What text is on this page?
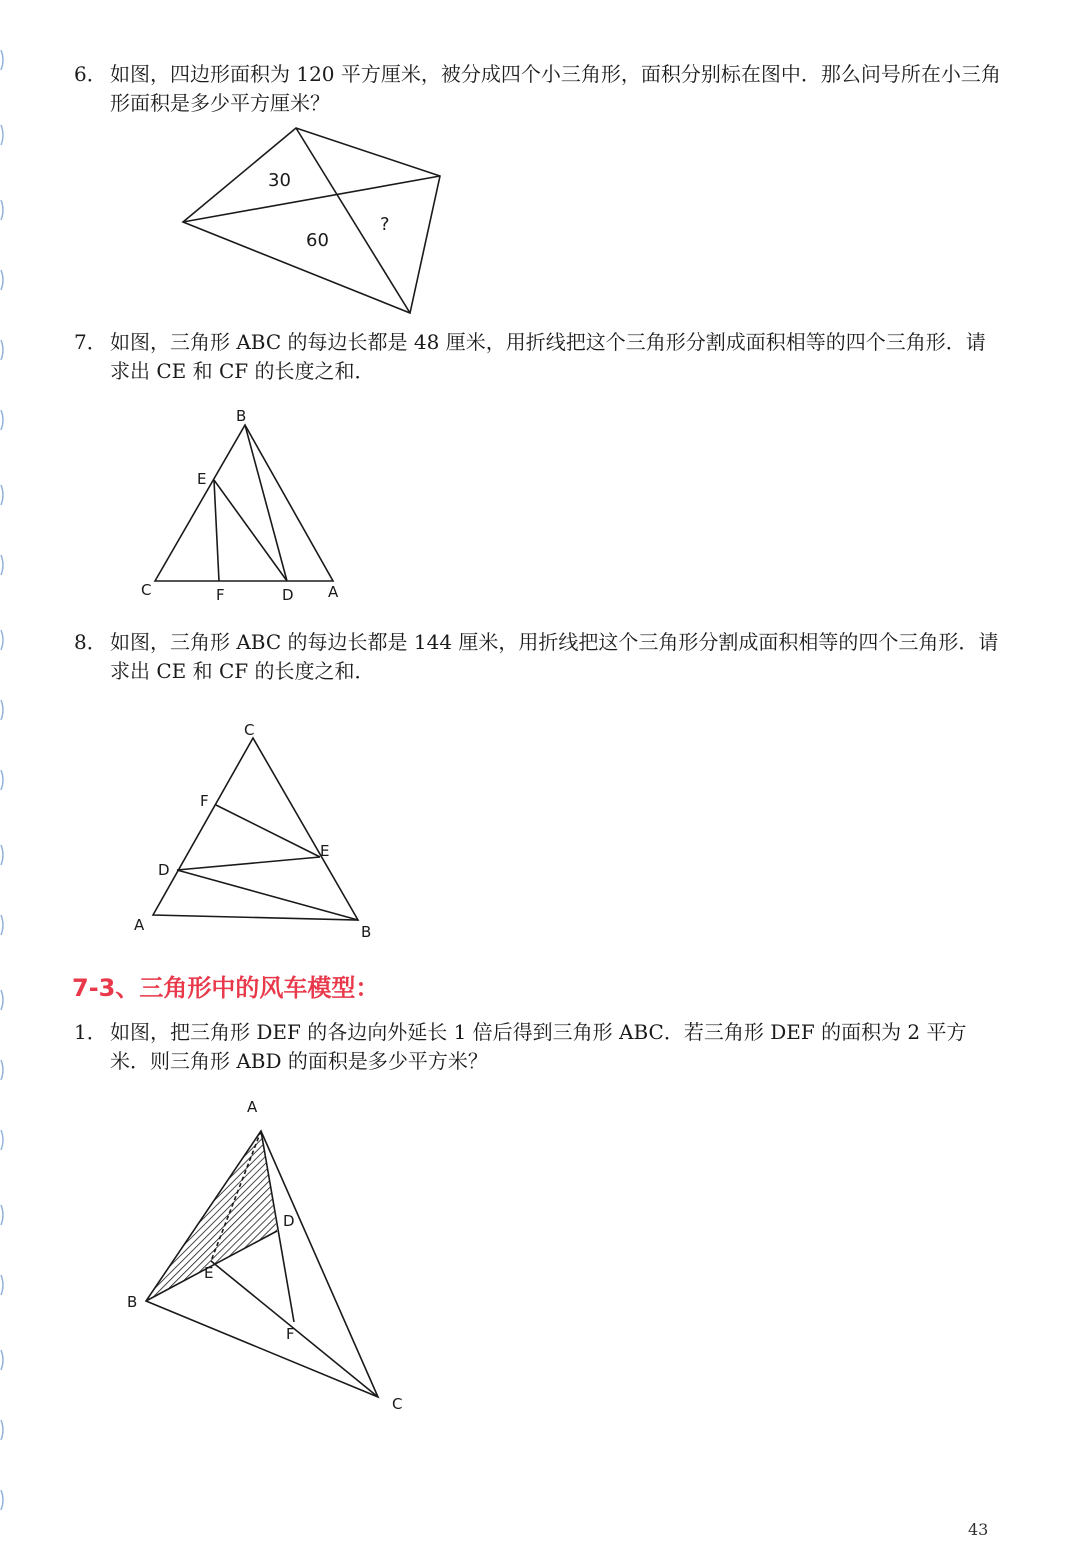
6． 如图，四边形面积为 120 平方厘米，被分成四个小三角形，面积分别标在图中．那么问号所在小三角形面积是多少平方厘米？
30
60
?
7． 如图，三角形 ABC 的每边长都是 48 厘米，用折线把这个三角形分割成面积相等的四个三角形．请求出 CE 和 CF 的长度之和．
B
E
C	F	D A
8． 如图，三角形 ABC 的每边长都是 144 厘米，用折线把这个三角形分割成面积相等的四个三角形．请求出 CE 和 CF 的长度之和．
C
F
E
D
A	B
7-3、三角形中的风车模型：
1． 如图，把三角形 DEF 的各边向外延长 1 倍后得到三角形 ABC．若三角形 DEF 的面积为 2 平方米．则三角形 ABD 的面积是多少平方米？
A
D
E
B
F
C
43
